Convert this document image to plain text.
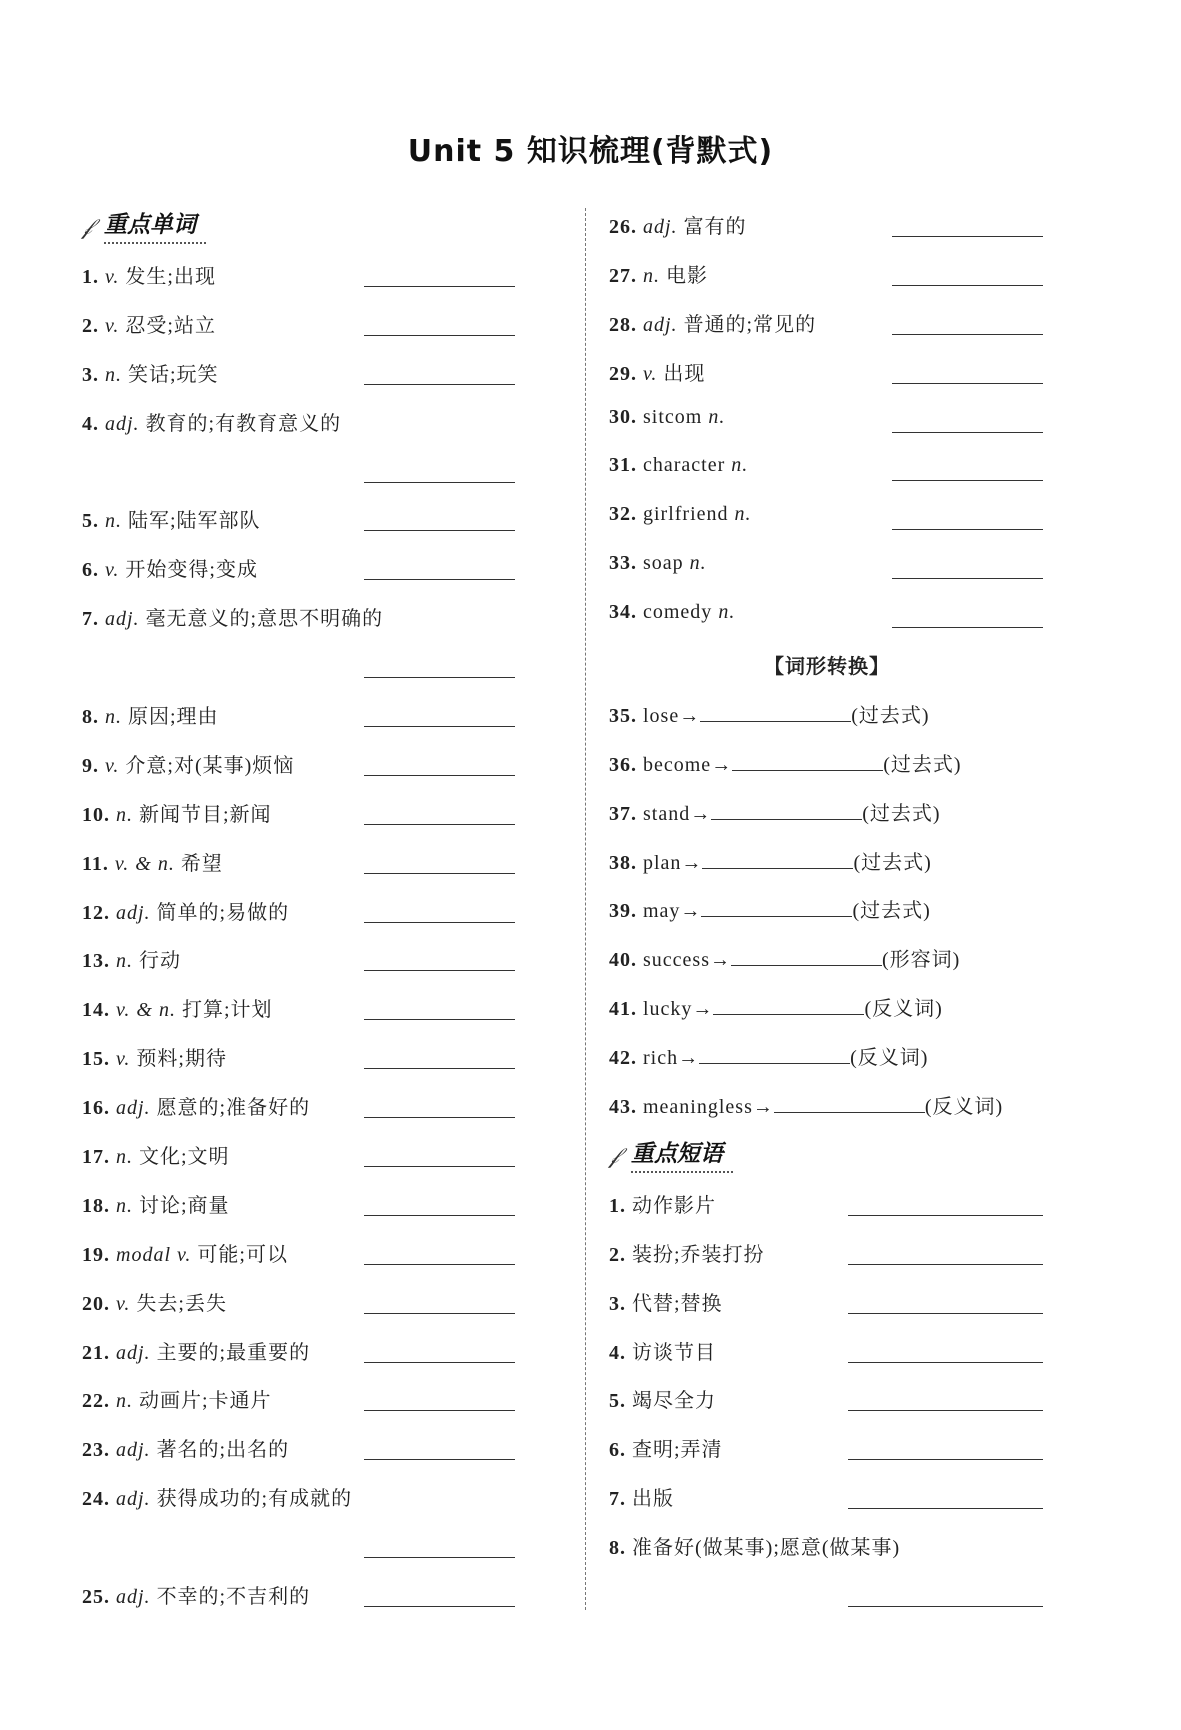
Unit 5 知识梳理(背默式)
𝒻 重点单词
1. v. 发生;出现
2. v. 忍受;站立
3. n. 笑话;玩笑
4. adj. 教育的;有教育意义的
5. n. 陆军;陆军部队
6. v. 开始变得;变成
7. adj. 毫无意义的;意思不明确的
8. n. 原因;理由
9. v. 介意;对(某事)烦恼
10. n. 新闻节目;新闻
11. v. & n. 希望
12. adj. 简单的;易做的
13. n. 行动
14. v. & n. 打算;计划
15. v. 预料;期待
16. adj. 愿意的;准备好的
17. n. 文化;文明
18. n. 讨论;商量
19. modal v. 可能;可以
20. v. 失去;丢失
21. adj. 主要的;最重要的
22. n. 动画片;卡通片
23. adj. 著名的;出名的
24. adj. 获得成功的;有成就的
25. adj. 不幸的;不吉利的
26. adj. 富有的
27. n. 电影
28. adj. 普通的;常见的
29. v. 出现
30. sitcom n.
31. character n.
32. girlfriend n.
33. soap n.
34. comedy n.
【词形转换】
35. lose→	(过去式)
36. become→	(过去式)
37. stand→	(过去式)
38. plan→	(过去式)
39. may→	(过去式)
40. success→	(形容词)
41. lucky→	(反义词)
42. rich→	(反义词)
43. meaningless→	(反义词)
𝒻 重点短语
1. 动作影片
2. 装扮;乔装打扮
3. 代替;替换
4. 访谈节目
5. 竭尽全力
6. 查明;弄清
7. 出版
8. 准备好(做某事);愿意(做某事)
